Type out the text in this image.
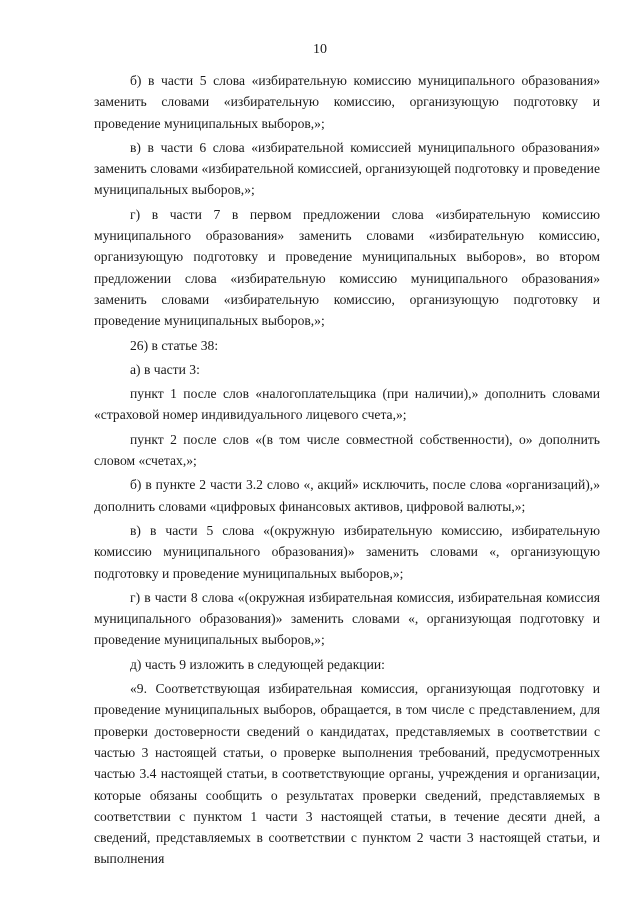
10

б) в части 5 слова «избирательную комиссию муниципального образования» заменить словами «избирательную комиссию, организующую подготовку и проведение муниципальных выборов,»;

в) в части 6 слова «избирательной комиссией муниципального образования» заменить словами «избирательной комиссией, организующей подготовку и проведение муниципальных выборов,»;

г) в части 7 в первом предложении слова «избирательную комиссию муниципального образования» заменить словами «избирательную комиссию, организующую подготовку и проведение муниципальных выборов», во втором предложении слова «избирательную комиссию муниципального образования» заменить словами «избирательную комиссию, организующую подготовку и проведение муниципальных выборов,»;

26) в статье 38:

а) в части 3:

пункт 1 после слов «налогоплательщика (при наличии),» дополнить словами «страховой номер индивидуального лицевого счета,»;

пункт 2 после слов «(в том числе совместной собственности), о» дополнить словом «счетах,»;

б) в пункте 2 части 3.2 слово «, акций» исключить, после слова «организаций),» дополнить словами «цифровых финансовых активов, цифровой валюты,»;

в) в части 5 слова «(окружную избирательную комиссию, избирательную комиссию муниципального образования)» заменить словами «, организующую подготовку и проведение муниципальных выборов,»;

г) в части 8 слова «(окружная избирательная комиссия, избирательная комиссия муниципального образования)» заменить словами «, организующая подготовку и проведение муниципальных выборов,»;

д) часть 9 изложить в следующей редакции:

«9. Соответствующая избирательная комиссия, организующая подготовку и проведение муниципальных выборов, обращается, в том числе с представлением, для проверки достоверности сведений о кандидатах, представляемых в соответствии с частью 3 настоящей статьи, о проверке выполнения требований, предусмотренных частью 3.4 настоящей статьи, в соответствующие органы, учреждения и организации, которые обязаны сообщить о результатах проверки сведений, представляемых в соответствии с пунктом 1 части 3 настоящей статьи, в течение десяти дней, а сведений, представляемых в соответствии с пунктом 2 части 3 настоящей статьи, и выполнения
